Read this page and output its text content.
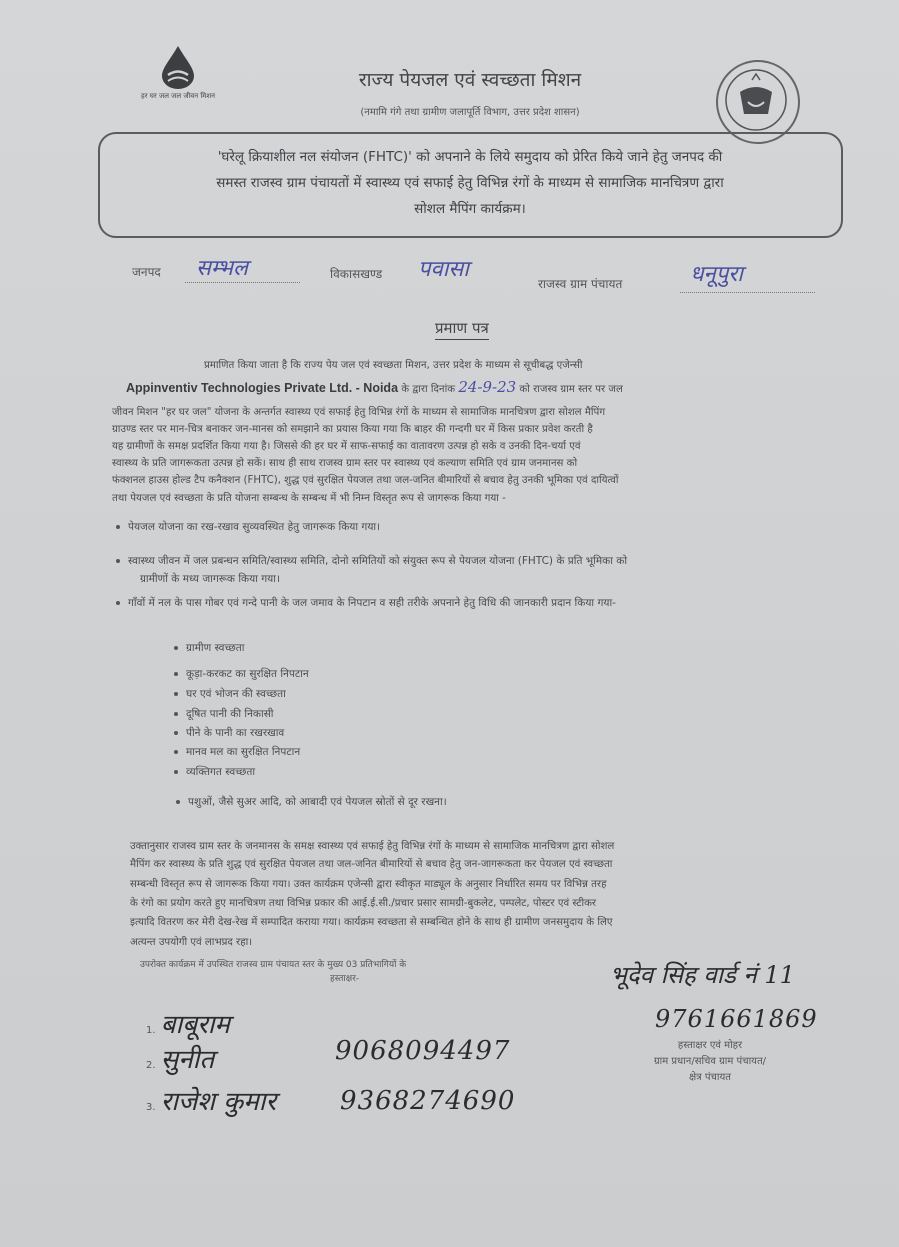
हर घर जल जल जीवन मिशन
राज्य पेयजल एवं स्वच्छता मिशन
(नमामि गंगे तथा ग्रामीण जलापूर्ति विभाग, उत्तर प्रदेश शासन)
'घरेलू क्रियाशील नल संयोजन (FHTC)' को अपनाने के लिये समुदाय को प्रेरित किये जाने हेतु जनपद की
समस्त राजस्व ग्राम पंचायतों में स्वास्थ्य एवं सफाई हेतु विभिन्न रंगों के माध्यम से सामाजिक मानचित्रण द्वारा
सोशल मैपिंग कार्यक्रम।
जनपद सम्भल	विकासखण्ड पवासा
राजस्व ग्राम पंचायत	धनूपुरा
प्रमाण पत्र
प्रमाणित किया जाता है कि राज्य पेय जल एवं स्वच्छता मिशन, उत्तर प्रदेश के माध्यम से सूचीबद्ध एजेन्सी
Appinventiv Technologies Private Ltd. - Noida के द्वारा दिनांक 24-9-23 को राजस्व ग्राम स्तर पर जल
जीवन मिशन "हर घर जल" योजना के अन्तर्गत स्वास्थ्य एवं सफाई हेतु विभिन्न रंगों के माध्यम से सामाजिक मानचित्रण द्वारा सोशल मैपिंग
ग्राउण्ड स्तर पर मान-चित्र बनाकर जन-मानस को समझाने का प्रयास किया गया कि बाहर की गन्दगी घर में किस प्रकार प्रवेश करती है
यह ग्रामीणों के समक्ष प्रदर्शित किया गया है। जिससे की हर घर में साफ-सफाई का वातावरण उत्पन्न हो सके व उनकी दिन-चर्या एवं
स्वास्थ्य के प्रति जागरूकता उत्पन्न हो सकें। साथ ही साथ राजस्व ग्राम स्तर पर स्वास्थ्य एवं कल्याण समिति एवं ग्राम जनमानस को
फंक्शनल हाउस होल्ड टैप कनैक्शन (FHTC), शुद्ध एवं सुरक्षित पेयजल तथा जल-जनित बीमारियों से बचाव हेतु उनकी भूमिका एवं दायित्वों
तथा पेयजल एवं स्वच्छता के प्रति योजना सम्बन्ध के सम्बन्ध में भी निम्न विस्तृत रूप से जागरूक किया गया -
पेयजल योजना का रख-रखाव सुव्यवस्थित हेतु जागरूक किया गया।
स्वास्थ्य जीवन में जल प्रबन्धन समिति/स्वास्थ्य समिति, दोनो समितियों को संयुक्त रूप से पेयजल योजना (FHTC) के प्रति भूमिका को
ग्रामीणों के मध्य जागरूक किया गया।
गाँवों में नल के पास गोबर एवं गन्दे पानी के जल जमाव के निपटान व सही तरीके अपनाने हेतु विधि की जानकारी प्रदान किया गया-
ग्रामीण स्वच्छता
कूड़ा-करकट का सुरक्षित निपटान
घर एवं भोजन की स्वच्छता
दूषित पानी की निकासी
पीने के पानी का रखरखाव
मानव मल का सुरक्षित निपटान
व्यक्तिगत स्वच्छता
पशुओं, जैसे सुअर आदि, को आबादी एवं पेयजल स्रोतों से दूर रखना।
उक्तानुसार राजस्व ग्राम स्तर के जनमानस के समक्ष स्वास्थ्य एवं सफाई हेतु विभिन्न रंगों के माध्यम से सामाजिक मानचित्रण द्वारा सोशल
मैपिंग कर स्वास्थ्य के प्रति शुद्ध एवं सुरक्षित पेयजल तथा जल-जनित बीमारियों से बचाव हेतु जन-जागरूकता कर पेयजल एवं स्वच्छता
सम्बन्धी विस्तृत रूप से जागरूक किया गया। उक्त कार्यक्रम एजेन्सी द्वारा स्वीकृत माड्यूल के अनुसार निर्धारित समय पर विभिन्न तरह
के रंगो का प्रयोग करते हुए मानचित्रण तथा विभिन्न प्रकार की आई.ई.सी./प्रचार प्रसार सामग्री-बुकलेट, पम्पलेट, पोस्टर एवं स्टीकर
इत्यादि वितरण कर मेरी देख-रेख में सम्पादित कराया गया। कार्यक्रम स्वच्छता से सम्बन्धित होने के साथ ही ग्रामीण जनसमुदाय के लिए
अत्यन्त उपयोगी एवं लाभप्रद रहा।
उपरोक्त कार्यक्रम में उपस्थित राजस्व ग्राम पंचायत स्तर के मुख्य 03 प्रतिभागियों के
हस्ताक्षर-
1. बाबूराम
2. सुनीत	9068094497
3. राजेश कुमार 9368274690
भूदेव सिंह वार्ड नं 11
9761661869
हस्ताक्षर एवं मोहर
ग्राम प्रधान/सचिव ग्राम पंचायत/
क्षेत्र पंचायत
